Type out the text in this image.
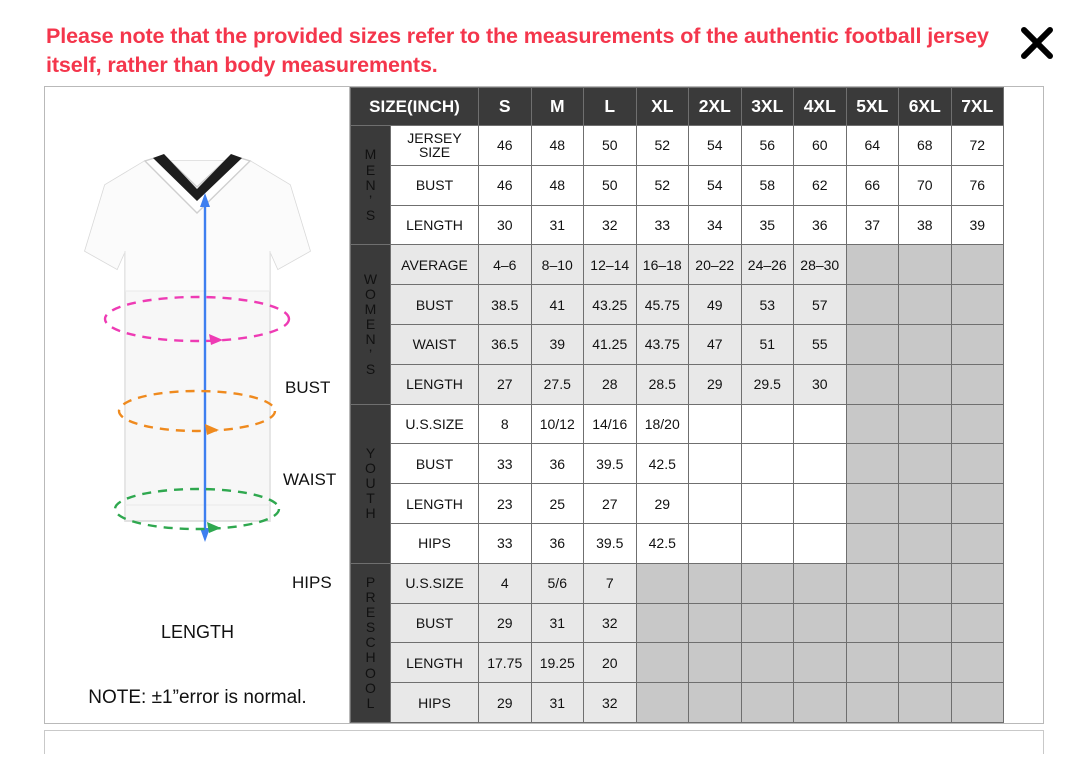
Please note that the provided sizes refer to the measurements of the authentic football jersey itself, rather than body measurements.
BUST
WAIST
HIPS
LENGTH
NOTE: ±1”error is normal.
SIZE(INCH)		S	M	L	XL	2XL	3XL	4XL	5XL	6XL	7XL

M
E
N
’
S	JERSEY SIZE	46	48	50	52	54	56	60	64	68	72
	BUST	46	48	50	52	54	58	62	66	70	76
	LENGTH	30	31	32	33	34	35	36	37	38	39

W
O
M
E
N
’
S
	AVERAGE	4–6	8–10	12–14	16–18	20–22	24–26	28–30			
	BUST	38.5	41	43.25	45.75	49	53	57			
	WAIST	36.5	39	41.25	43.75	47	51	55			
	LENGTH	27	27.5	28	28.5	29	29.5	30			

Y
O
U
T
H	U.S.SIZE	8	10/12	14/16	18/20						
	BUST	33	36	39.5	42.5						
	LENGTH	23	25	27	29						
	HIPS	33	36	39.5	42.5						

P
R
E
S
C
H
O
O
L
	U.S.SIZE	4	5/6	7							
	BUST	29	31	32							
	LENGTH	17.75	19.25	20							
	HIPS	29	31	32							
